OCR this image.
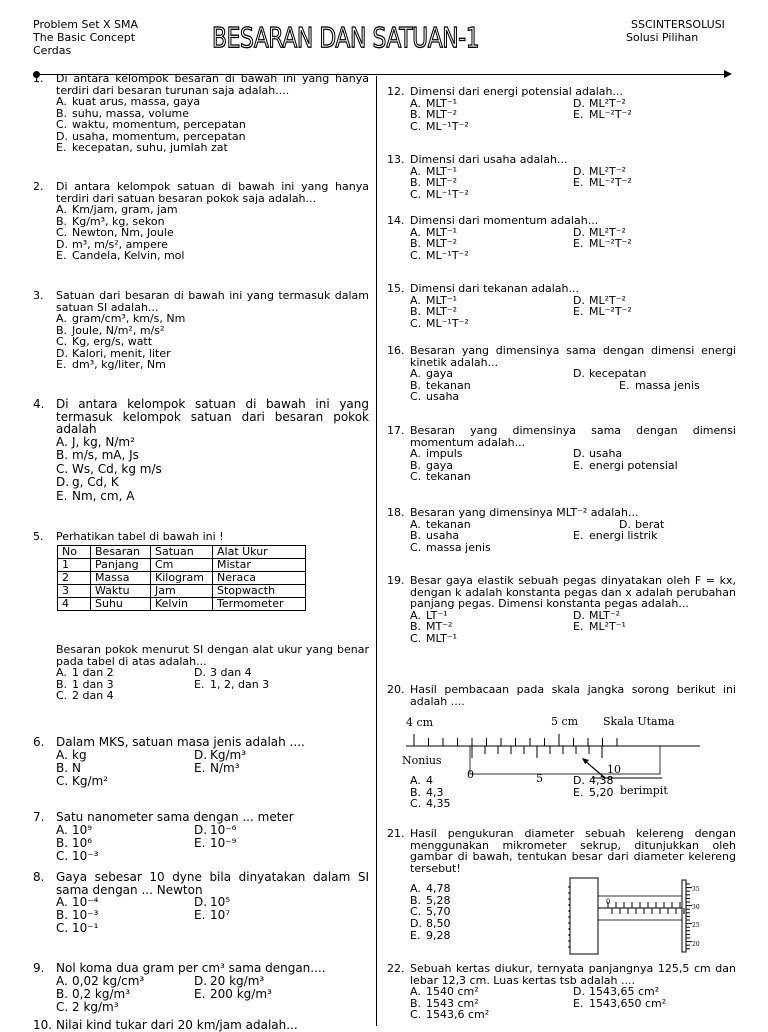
Problem Set X SMA
The Basic Concept
Cerdas	BESARAN DAN SATUAN-1	SSCINTERSOLUSI
Solusi Pilihan
1. Di antara kelompok besaran di bawah ini yang hanya terdiri dari besaran turunan saja adalah....
A. kuat arus, massa, gaya
B. suhu, massa, volume
C. waktu, momentum, percepatan
D. usaha, momentum, percepatan
E. kecepatan, suhu, jumlah zat
2. Di antara kelompok satuan di bawah ini yang hanya terdiri dari satuan besaran pokok saja adalah...
A. Km/jam, gram, jam
B. Kg/m³, kg, sekon
C. Newton, Nm, Joule
D. m³, m/s², ampere
E. Candela, Kelvin, mol
3. Satuan dari besaran di bawah ini yang termasuk dalam satuan SI adalah...
A. gram/cm³, km/s, Nm
B. Joule, N/m², m/s²
C. Kg, erg/s, watt
D. Kalori, menit, liter
E. dm³, kg/liter, Nm
4. Di antara kelompok satuan di bawah ini yang termasuk kelompok satuan dari besaran pokok adalah
A. J, kg, N/m²
B. m/s, mA, Js
C. Ws, Cd, kg m/s
D. g, Cd, K
E. Nm, cm, A
5. Perhatikan tabel di bawah ini !
No	Besaran	Satuan	Alat Ukur
1	Panjang	Cm	Mistar
2	Massa	Kilogram	Neraca
3	Waktu	Jam	Stopwacth
4	Suhu	Kelvin	Termometer
Besaran pokok menurut SI dengan alat ukur yang benar pada tabel di atas adalah...
A. 1 dan 2	D. 3 dan 4
B. 1 dan 3	E. 1, 2, dan 3
C. 2 dan 4
6. Dalam MKS, satuan masa jenis adalah ....
A. kg	D. Kg/m³
B. N	E. N/m³
C. Kg/m²
7. Satu nanometer sama dengan ... meter
A. 10⁹	D. 10⁻⁶
B. 10⁶	E. 10⁻⁹
C. 10⁻³
8. Gaya sebesar 10 dyne bila dinyatakan dalam SI sama dengan ... Newton
A. 10⁻⁴	D. 10⁵
B. 10⁻³	E. 10⁷
C. 10⁻¹
9. Nol koma dua gram per cm³ sama dengan....
A. 0,02 kg/cm³	D. 20 kg/m³
B. 0,2 kg/m³	E. 200 kg/m³
C. 2 kg/m³
10. Nilai kind tukar dari 20 km/jam adalah...
12. Dimensi dari energi potensial adalah...
A. MLT⁻¹	D. ML²T⁻²
B. MLT⁻²	E. ML⁻²T⁻²
C. ML⁻¹T⁻²
13. Dimensi dari usaha adalah...
A. MLT⁻¹	D. ML²T⁻²
B. MLT⁻²	E. ML⁻²T⁻²
C. ML⁻¹T⁻²
14. Dimensi dari momentum adalah...
A. MLT⁻¹	D. ML²T⁻²
B. MLT⁻²	E. ML⁻²T⁻²
C. ML⁻¹T⁻²
15. Dimensi dari tekanan adalah...
A. MLT⁻¹	D. ML²T⁻²
B. MLT⁻²	E. ML⁻²T⁻²
C. ML⁻¹T⁻²
16. Besaran yang dimensinya sama dengan dimensi energi kinetik adalah...
A. gaya	D. kecepatan
B. tekanan	E. massa jenis
C. usaha
17. Besaran yang dimensinya sama dengan dimensi momentum adalah...
A. impuls	D. usaha
B. gaya	E. energi potensial
C. tekanan
18. Besaran yang dimensinya MLT⁻² adalah...
A. tekanan	D. berat
B. usaha	E. energi listrik
C. massa jenis
19. Besar gaya elastik sebuah pegas dinyatakan oleh F = kx, dengan k adalah konstanta pegas dan x adalah perubahan panjang pegas. Dimensi konstanta pegas adalah...
A. LT⁻¹	D. MLT⁻²
B. MT⁻²	E. ML²T⁻¹
C. MLT⁻¹
20. Hasil pembacaan pada skala jangka sorong berikut ini adalah ....
4 cm	5 cm Skala Utama
Nonius
0	5
10
berimpit
A. 4	D. 4,38
B. 4,3	E. 5,20
C. 4,35
21. Hasil pengukuran diameter sebuah kelereng dengan menggunakan mikrometer sekrup, ditunjukkan oleh gambar di bawah, tentukan besar dari diameter kelereng tersebut!
A. 4,78
B. 5,28
C. 5,70
D. 8,50
E. 9,28
0
35
30
25
20
22. Sebuah kertas diukur, ternyata panjangnya 125,5 cm dan lebar 12,3 cm. Luas kertas tsb adalah ....
A. 1540 cm²	D. 1543,65 cm²
B. 1543 cm²	E. 1543,650 cm²
C. 1543,6 cm²
